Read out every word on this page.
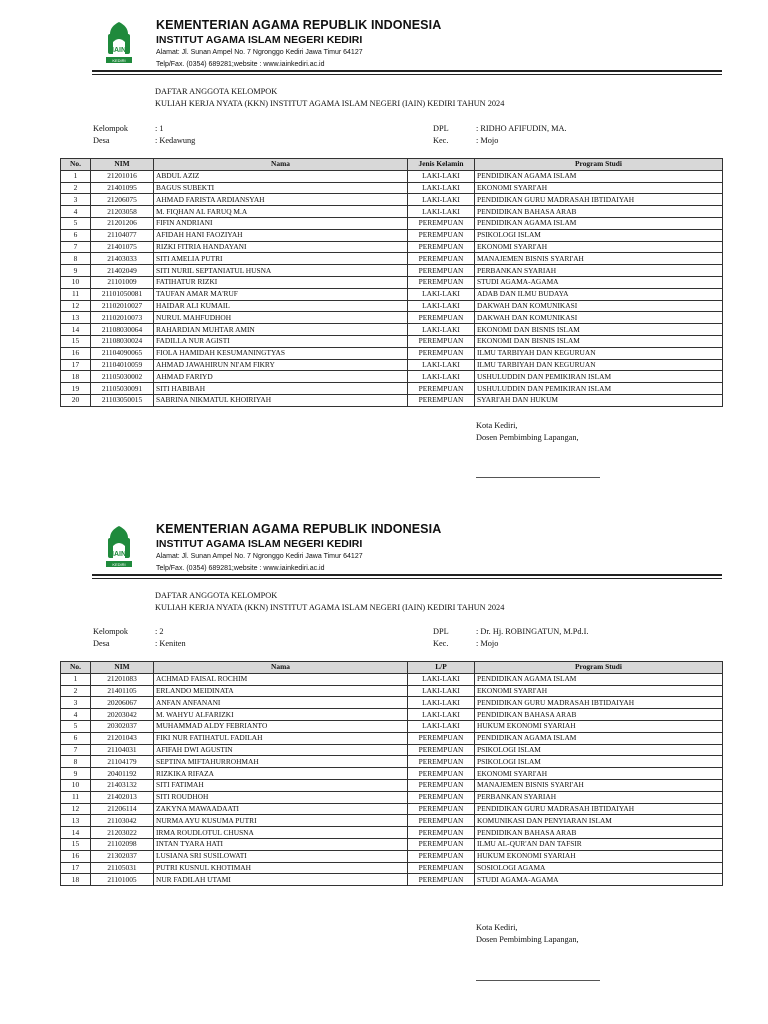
IAIN
KEDIRI
KEMENTERIAN AGAMA REPUBLIK INDONESIA
INSTITUT AGAMA ISLAM NEGERI KEDIRI
Alamat: Jl. Sunan Ampel No. 7 Ngronggo Kediri Jawa Timur 64127
Telp/Fax. (0354) 689281;website : www.iainkediri.ac.id
DAFTAR ANGGOTA KELOMPOK
KULIAH KERJA NYATA (KKN) INSTITUT AGAMA ISLAM NEGERI (IAIN) KEDIRI TAHUN 2024
Kelompok	: 1
Desa	: Kedawung
DPL	: RIDHO AFIFUDIN, MA.
Kec.	: Mojo
No.	NIM	Nama	Jenis Kelamin	Program Studi
1	21201016	ABDUL AZIZ	LAKI-LAKI	PENDIDIKAN AGAMA ISLAM
2	21401095	BAGUS SUBEKTI	LAKI-LAKI	EKONOMI SYARI'AH
3	21206075	AHMAD FARISTA ARDIANSYAH	LAKI-LAKI	PENDIDIKAN GURU MADRASAH IBTIDAIYAH
4	21203058	M. FIQHAN AL FARUQ M.A	LAKI-LAKI	PENDIDIKAN BAHASA ARAB
5	21201206	FIFIN ANDRIANI	PEREMPUAN	PENDIDIKAN AGAMA ISLAM
6	21104077	AFIDAH HANI FAOZIYAH	PEREMPUAN	PSIKOLOGI ISLAM
7	21401075	RIZKI FITRIA HANDAYANI	PEREMPUAN	EKONOMI SYARI'AH
8	21403033	SITI AMELIA PUTRI	PEREMPUAN	MANAJEMEN BISNIS SYARI'AH
9	21402049	SITI NURIL SEPTANIATUL HUSNA	PEREMPUAN	PERBANKAN SYARIAH
10	21101009	FATIHATUR RIZKI	PEREMPUAN	STUDI AGAMA-AGAMA
11	21101050081	TAUFAN AMAR MA'RUF	LAKI-LAKI	ADAB DAN ILMU BUDAYA
12	21102010027	HAIDAR ALI KUMAIL	LAKI-LAKI	DAKWAH DAN KOMUNIKASI
13	21102010073	NURUL MAHFUDHOH	PEREMPUAN	DAKWAH DAN KOMUNIKASI
14	21108030064	RAHARDIAN MUHTAR AMIN	LAKI-LAKI	EKONOMI DAN BISNIS ISLAM
15	21108030024	FADILLA NUR AGISTI	PEREMPUAN	EKONOMI DAN BISNIS ISLAM
16	21104090065	FIOLA HAMIDAH KESUMANINGTYAS	PEREMPUAN	ILMU TARBIYAH DAN KEGURUAN
17	21104010059	AHMAD JAWAHIRUN NI'AM FIKRY	LAKI-LAKI	ILMU TARBIYAH DAN KEGURUAN
18	21105030002	AHMAD FARIYD	LAKI-LAKI	USHULUDDIN DAN PEMIKIRAN ISLAM
19	21105030091	SITI HABIBAH	PEREMPUAN	USHULUDDIN DAN PEMIKIRAN ISLAM
20	21103050015	SABRINA NIKMATUL KHOIRIYAH	PEREMPUAN	SYARI'AH DAN HUKUM
Kota Kediri,
Dosen Pembimbing Lapangan,
IAIN
KEDIRI
KEMENTERIAN AGAMA REPUBLIK INDONESIA
INSTITUT AGAMA ISLAM NEGERI KEDIRI
Alamat: Jl. Sunan Ampel No. 7 Ngronggo Kediri Jawa Timur 64127
Telp/Fax. (0354) 689281;website : www.iainkediri.ac.id
DAFTAR ANGGOTA KELOMPOK
KULIAH KERJA NYATA (KKN) INSTITUT AGAMA ISLAM NEGERI (IAIN) KEDIRI TAHUN 2024
Kelompok	: 2
Desa	: Keniten
DPL	: Dr. Hj. ROBINGATUN, M.Pd.I.
Kec.	: Mojo
No.	NIM	Nama	L/P	Program Studi
1	21201083	ACHMAD FAISAL ROCHIM	LAKI-LAKI	PENDIDIKAN AGAMA ISLAM
2	21401105	ERLANDO MEIDINATA	LAKI-LAKI	EKONOMI SYARI'AH
3	20206067	ANFAN ANFANANI	LAKI-LAKI	PENDIDIKAN GURU MADRASAH IBTIDAIYAH
4	20203042	M. WAHYU ALFARIZKI	LAKI-LAKI	PENDIDIKAN BAHASA ARAB
5	20302037	MUHAMMAD ALDY FEBRIANTO	LAKI-LAKI	HUKUM EKONOMI SYARIAH
6	21201043	FIKI NUR FATIHATUL FADILAH	PEREMPUAN	PENDIDIKAN AGAMA ISLAM
7	21104031	AFIFAH DWI AGUSTIN	PEREMPUAN	PSIKOLOGI ISLAM
8	21104179	SEPTINA MIFTAHURROHMAH	PEREMPUAN	PSIKOLOGI ISLAM
9	20401192	RIZKIKA RIFAZA	PEREMPUAN	EKONOMI SYARI'AH
10	21403132	SITI FATIMAH	PEREMPUAN	MANAJEMEN BISNIS SYARI'AH
11	21402013	SITI ROUDHOH	PEREMPUAN	PERBANKAN SYARIAH
12	21206114	ZAKYNA MAWAADAATI	PEREMPUAN	PENDIDIKAN GURU MADRASAH IBTIDAIYAH
13	21103042	NURMA AYU KUSUMA PUTRI	PEREMPUAN	KOMUNIKASI DAN PENYIARAN ISLAM
14	21203022	IRMA ROUDLOTUL CHUSNA	PEREMPUAN	PENDIDIKAN BAHASA ARAB
15	21102098	INTAN TYARA HATI	PEREMPUAN	ILMU AL-QUR'AN DAN TAFSIR
16	21302037	LUSIANA SRI SUSILOWATI	PEREMPUAN	HUKUM EKONOMI SYARIAH
17	21105031	PUTRI KUSNUL KHOTIMAH	PEREMPUAN	SOSIOLOGI AGAMA
18	21101005	NUR FADILAH UTAMI	PEREMPUAN	STUDI AGAMA-AGAMA
Kota Kediri,
Dosen Pembimbing Lapangan,
